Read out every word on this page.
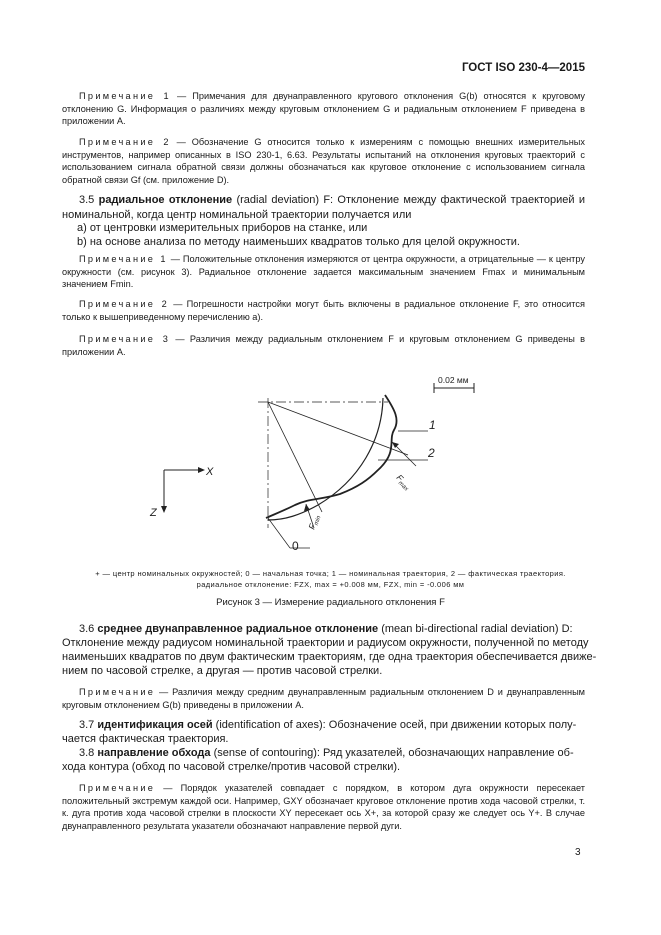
ГОСТ ISO 230-4—2015

Примечание 1 — Примечания для двунаправленного кругового отклонения G(b) относятся к круговому отклонению G. Информация о различиях между круговым отклонением G и радиальным отклонением F приведена в приложении А.

Примечание 2 — Обозначение G относится только к измерениям с помощью внешних измерительных инструментов, например описанных в ISO 230-1, 6.63. Результаты испытаний на отклонения круговых траекторий с использованием сигнала обратной связи должны обозначаться как круговое отклонение с использованием сигнала обратной связи Gf (см. приложение D).

3.5 радиальное отклонение (radial deviation) F: Отклонение между фактической траекторией и номинальной, когда центр номинальной траектории получается или

a) от центровки измерительных приборов на станке, или
b) на основе анализа по методу наименьших квадратов только для целой окружности.

Примечание 1 — Положительные отклонения измеряются от центра окружности, а отрицательные — к центру окружности (см. рисунок 3). Радиальное отклонение задается максимальным значением Fmax и минимальным значением Fmin.

Примечание 2 — Погрешности настройки могут быть включены в радиальное отклонение F, это относится только к вышеприведенному перечислению а).

Примечание 3 — Различия между радиальным отклонением F и круговым отклонением G приведены в приложении А.

0.02 мм
X
Z
1
2
0
$F_{max}$
$F_{min}$
+ — центр номинальных окружностей; 0 — начальная точка; 1 — номинальная траектория, 2 — фактическая траектория.
радиальное отклонение: FZX, max = +0.008 мм, FZX, min = -0.006 мм
Рисунок 3 — Измерение радиального отклонения F
3.6 среднее двунаправленное радиальное отклонение (mean bi-directional radial deviation) D:
Отклонение между радиусом номинальной траектории и радиусом окружности, полученной по методу
наименьших квадратов по двум фактическим траекториям, где одна траектория обеспечивается движе-
нием по часовой стрелке, а другая — против часовой стрелки.

Примечание — Различия между средним двунаправленным радиальным отклонением D и двунаправленным круговым отклонением G(b) приведены в приложении А.

3.7 идентификация осей (identification of axes): Обозначение осей, при движении которых полу-
чается фактическая траектория.
3.8 направление обхода (sense of contouring): Ряд указателей, обозначающих направление об-
хода контура (обход по часовой стрелке/против часовой стрелки).

Примечание — Порядок указателей совпадает с порядком, в котором дуга окружности пересекает положительный экстремум каждой оси. Например, GXY обозначает круговое отклонение против хода часовой стрелки, т. к. дуга против хода часовой стрелки в плоскости XY пересекает ось X+, за которой сразу же следует ось Y+. В случае двунаправленного результата указатели обозначают направление первой дуги.

3
